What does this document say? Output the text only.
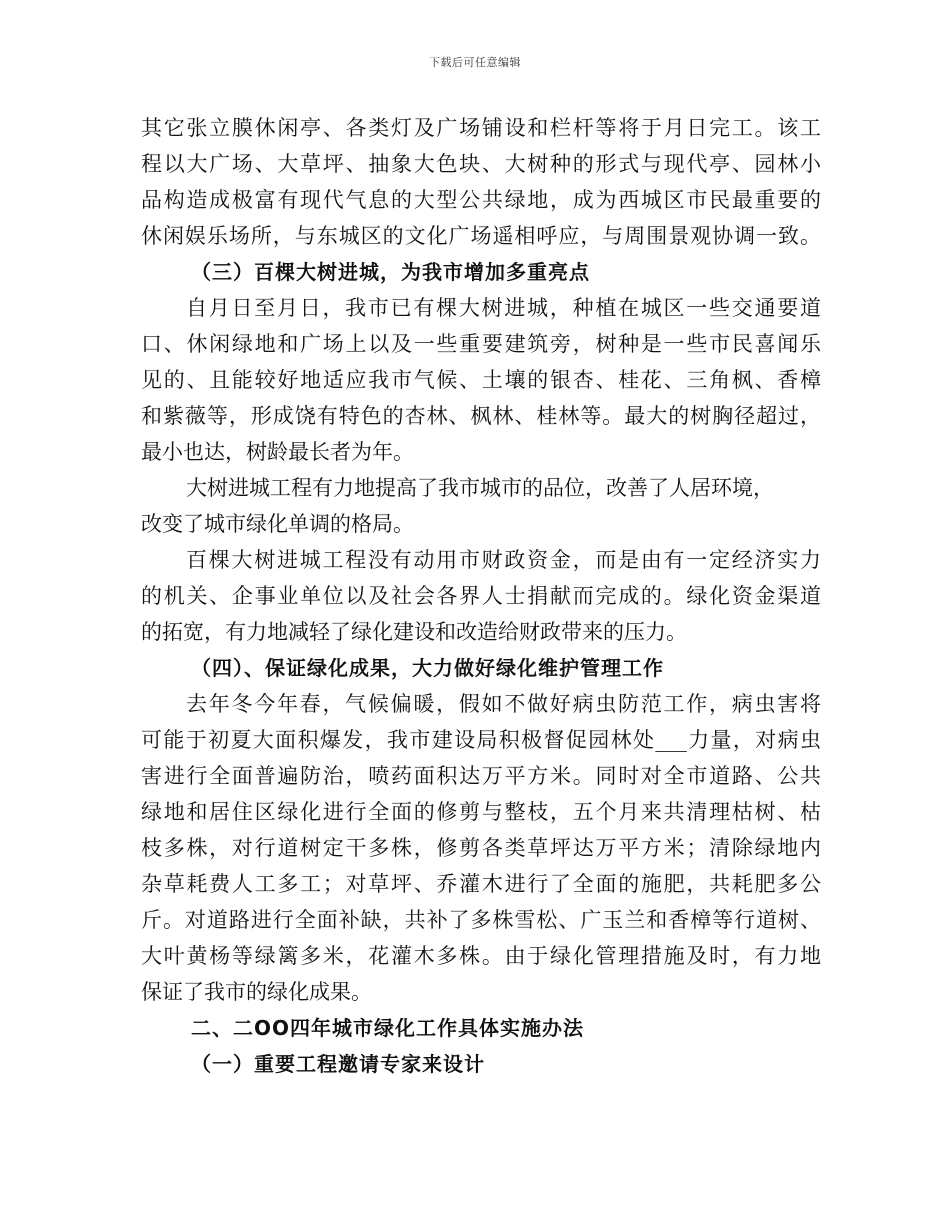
下载后可任意编辑
其它张立膜休闲亭、各类灯及广场铺设和栏杆等将于月日完工。该工
程以大广场、大草坪、抽象大色块、大树种的形式与现代亭、园林小
品构造成极富有现代气息的大型公共绿地，成为西城区市民最重要的
休闲娱乐场所，与东城区的文化广场遥相呼应，与周围景观协调一致。
（三）百棵大树进城，为我市增加多重亮点
自月日至月日，我市已有棵大树进城，种植在城区一些交通要道
口、休闲绿地和广场上以及一些重要建筑旁，树种是一些市民喜闻乐
见的、且能较好地适应我市气候、土壤的银杏、桂花、三角枫、香樟
和紫薇等，形成饶有特色的杏林、枫林、桂林等。最大的树胸径超过，
最小也达，树龄最长者为年。
大树进城工程有力地提高了我市城市的品位，改善了人居环境，
改变了城市绿化单调的格局。
百棵大树进城工程没有动用市财政资金，而是由有一定经济实力
的机关、企事业单位以及社会各界人士捐献而完成的。绿化资金渠道
的拓宽，有力地减轻了绿化建设和改造给财政带来的压力。
（四）、保证绿化成果，大力做好绿化维护管理工作
去年冬今年春，气候偏暖，假如不做好病虫防范工作，病虫害将
可能于初夏大面积爆发，我市建设局积极督促园林处___力量，对病虫
害进行全面普遍防治，喷药面积达万平方米。同时对全市道路、公共
绿地和居住区绿化进行全面的修剪与整枝，五个月来共清理枯树、枯
枝多株，对行道树定干多株，修剪各类草坪达万平方米；清除绿地内
杂草耗费人工多工；对草坪、乔灌木进行了全面的施肥，共耗肥多公
斤。对道路进行全面补缺，共补了多株雪松、广玉兰和香樟等行道树、
大叶黄杨等绿篱多米，花灌木多株。由于绿化管理措施及时，有力地
保证了我市的绿化成果。
二、二OO四年城市绿化工作具体实施办法
（一）重要工程邀请专家来设计
